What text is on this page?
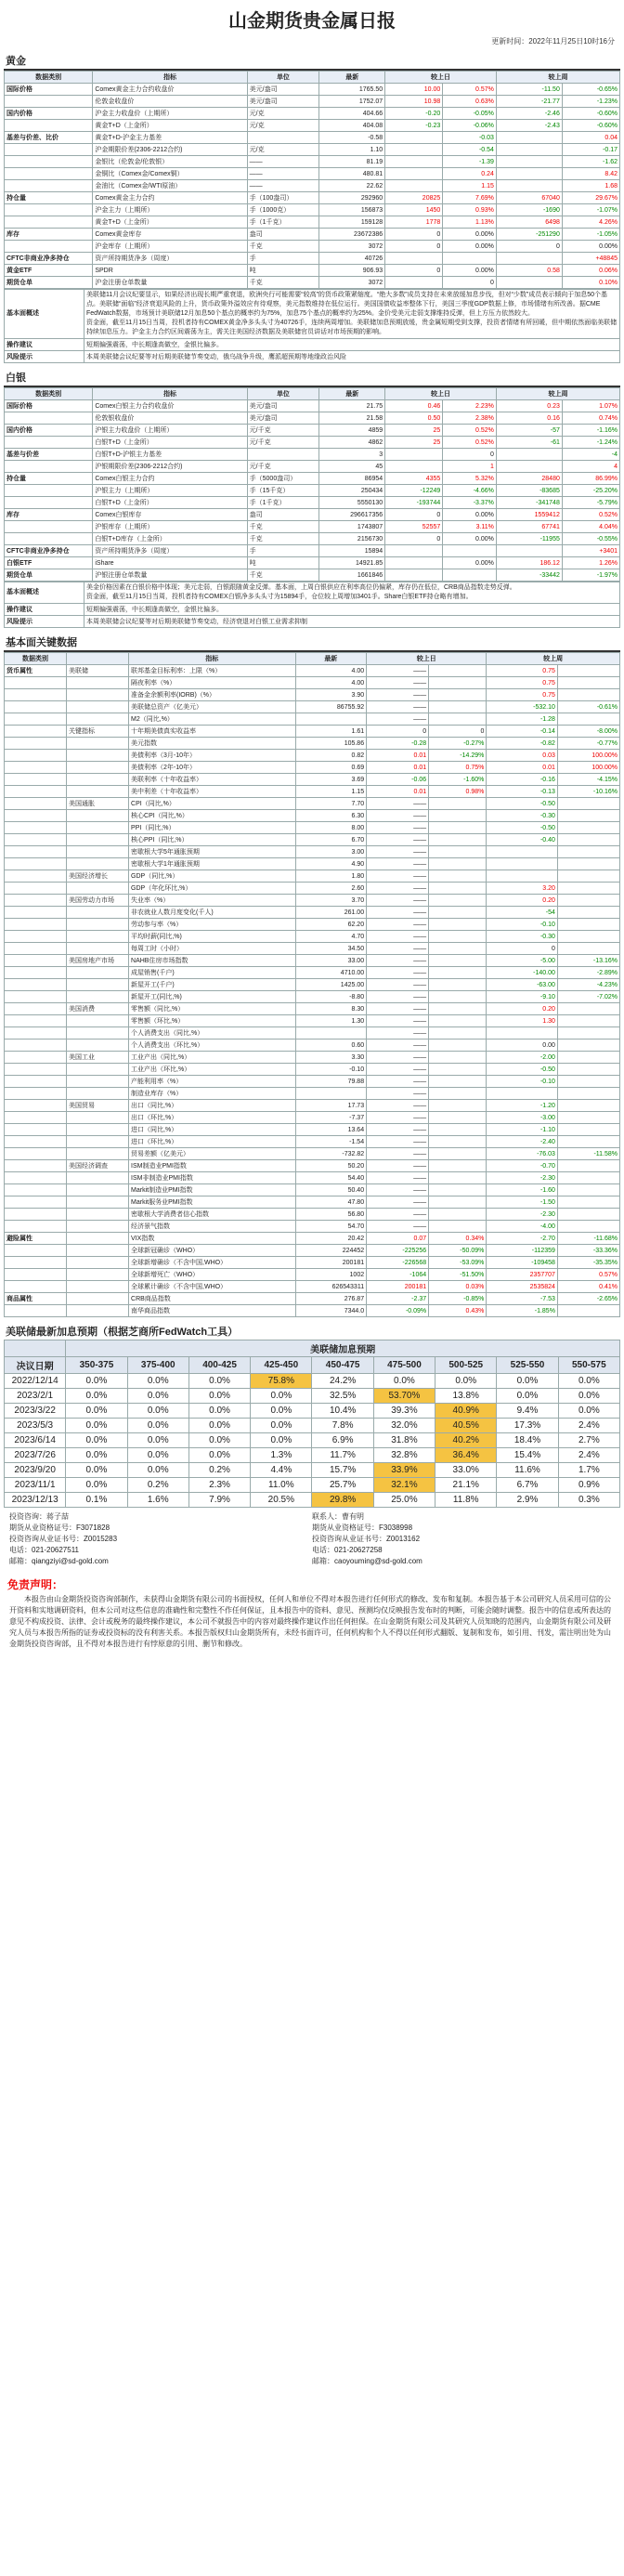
山金期货贵金属日报
更新时间：2022年11月25日10时16分
黄金
数据类别	指标	单位	最新	较上日		较上周	
国际价格	Comex黄金主力合约收盘价	美元/盎司	1765.50	10.00	0.57%	-11.50	-0.65%
	伦敦金收盘价	美元/盎司	1752.07	10.98	0.63%	-21.77	-1.23%
国内价格	沪金主力收盘价（上期所）	元/克	404.66	-0.20	-0.05%	-2.46	-0.60%
	黄金T+D（上金所）	元/克	404.08	-0.23	-0.06%	-2.43	-0.60%
基差与价差、比价	黄金T+D-沪金主力基差		-0.58		-0.03		0.04
	沪金期限价差(2306-2212合约)	元/克	1.10		-0.54		-0.17
	金银比（伦敦金/伦敦银）	——	81.19		-1.39		-1.62
	金铜比（Comex金/Comex铜）	——	480.81		0.24		8.42
	金油比（Comex金/WTI原油）	——	22.62		1.15		1.68
持仓量	Comex黄金主力合约	手（100盎司）	292960	20825	7.69%	67040	29.67%
	沪金主力（上期所）	手（1000克）	156873	1450	0.93%	-1690	-1.07%
	黄金T+D（上金所）	手（1千克）	159128	1778	1.13%	6498	4.26%
库存	Comex黄金库存	盎司	23672386	0	0.00%	-251290	-1.05%
	沪金库存（上期所）	千克	3072	0	0.00%	0	0.00%
CFTC非商业净多持仓	资产所持期货净多（周度）	手	40726				+48845
黄金ETF	SPDR	吨	906.93	0	0.00%	0.58	0.06%
期货仓单	沪金注册仓单数量	千克	3072		0		0.10%
基本面概述	美联储11月会议纪要显示，如果经济出现长期严重衰退，欧洲央行可能需要“较高”的货币政策紧缩度。“绝大多数”成员支持在未来放缓加息步伐，但对“少数”成员表示倾向于加息50个基点。美联储“面临”经济衰退风险的上升，货币政策外溢效应有待观察，美元指数维持在低位运行。美国国债收益率整体下行，美国三季度GDP数据上修，市场情绪有所改善。据CME FedWatch数据，市场预计美联储12月加息50个基点的概率约为75%，加息75个基点的概率约为25%。金价受美元走弱支撑维持反弹，但上方压力依然较大。
资金面，截至11月15日当周，投机者持有COMEX黄金净多头头寸为40726手，连续两周增加。美联储加息预期放缓，贵金属短期受到支撑，投资者情绪有所回暖，但中期依然面临美联储持续加息压力。沪金主力合约区间震荡为主，需关注美国经济数据及美联储官员讲话对市场预期的影响。

操作建议	短期偏强震荡，中长期逢高做空，金银比偏多。
风险提示	本周美联储会议纪要等对后期美联储节奏变动，俄乌战争升级，鹰派超预期等地缘政治风险
白银
数据类别	指标	单位	最新	较上日		较上周	
国际价格	Comex白银主力合约收盘价	美元/盎司	21.75	0.46	2.23%	0.23	1.07%
	伦敦银收盘价	美元/盎司	21.58	0.50	2.38%	0.16	0.74%
国内价格	沪银主力收盘价（上期所）	元/千克	4859	25	0.52%	-57	-1.16%
	白银T+D（上金所）	元/千克	4862	25	0.52%	-61	-1.24%
基差与价差	白银T+D-沪银主力基差		3		0		-4
	沪银期限价差(2306-2212合约)	元/千克	45		1		4
持仓量	Comex白银主力合约	手（5000盎司）	86954	4355	5.32%	28480	86.99%
	沪银主力（上期所）	手（15千克）	250434	-12249	-4.66%	-83685	-25.20%
	白银T+D（上金所）	手（1千克）	5550130	-193744	-3.37%	-341748	-5.79%
库存	Comex白银库存	盎司	296617356	0	0.00%	1559412	0.52%
	沪银库存（上期所）	千克	1743807	52557	3.11%	67741	4.04%
	白银T+D库存（上金所）	千克	2156730	0	0.00%	-11955	-0.55%
CFTC非商业净多持仓	资产所持期货净多（周度）	手	15894				+3401
白银ETF	iShare	吨	14921.85		0.00%	186.12	1.26%
期货仓单	沪银注册仓单数量	千克	1661846			-33442	-1.97%
基本面概述	美金价格因素在白银价格中体现；美元走弱，白银跟随黄金反弹。基本面，上周白银供应在利率高位仍偏紧，库存仍在低位，CRB商品指数走势反弹。
资金面，截至11月15日当周，投机者持有COMEX白银净多头头寸为15894手，仓位较上周增加3401手。Share白银ETF持仓略有增加。

操作建议	短期偏强震荡，中长期逢高做空，金银比偏多。
风险提示	本周美联储会议纪要等对后期美联储节奏变动，经济衰退对白银工业需求抑制
基本面关键数据
数据类别		指标	最新	较上日		较上周	
货币属性	美联储	联邦基金目标利率：上限（%）	4.00	——		0.75	
		隔夜利率（%）	4.00	——		0.75	
		准备金余额利率(IORB)（%）	3.90	——		0.75	
		美联储总资产（亿美元）	86755.92	——		-532.10	-0.61%
		M2（同比,%）		——		-1.28	
	关键指标	十年期美债真实收益率	1.61	0	0	-0.14	-8.00%
		美元指数	105.86	-0.28	-0.27%	-0.82	-0.77%
		美债利率（3月-10年）	0.82	0.01	-14.29%	0.03	100.00%
		美债利率（2年-10年）	0.69	0.01	0.75%	0.01	100.00%
		美联利率（十年收益率）	3.69	-0.06	-1.60%	-0.16	-4.15%
		美中利差（十年收益率）	1.15	0.01	0.98%	-0.13	-10.16%
	美国通胀	CPI（同比,%）	7.70	——		-0.50	
		核心CPI（同比,%）	6.30	——		-0.30	
		PPI（同比,%）	8.00	——		-0.50	
		核心PPI（同比,%）	6.70	——		-0.40	
		密歇根大学5年通胀预期	3.00	——			
		密歇根大学1年通胀预期	4.90	——			
	美国经济增长	GDP（同比,%）	1.80	——			
		GDP（年化环比,%）	2.60	——		3.20	
	美国劳动力市场	失业率（%）	3.70	——		0.20	
		非农就业人数月度变化(千人)	261.00	——		-54	
		劳动参与率（%）	62.20	——		-0.10	
		平均时薪(同比,%)	4.70	——		-0.30	
		每周工时（小时）	34.50	——		0	
	美国房地产市场	NAHB住房市场指数	33.00	——		-5.00	-13.16%
		成屋销售(千户)	4710.00	——		-140.00	-2.89%
		新屋开工(千户)	1425.00	——		-63.00	-4.23%
		新屋开工(同比,%)	-8.80	——		-9.10	-7.02%
	美国消费	零售额（同比,%）	8.30	——		0.20	
		零售额（环比,%）	1.30	——		1.30	
		个人消费支出（同比,%）		——			
		个人消费支出（环比,%）	0.60	——		0.00	
	美国工业	工业产出（同比,%）	3.30	——		-2.00	
		工业产出（环比,%）	-0.10	——		-0.50	
		产能利用率（%）	79.88	——		-0.10	
		制造业库存（%）		——			
	美国贸易	出口（同比,%）	17.73	——		-1.20	
		出口（环比,%）	-7.37	——		-3.00	
		进口（同比,%）	13.64	——		-1.10	
		进口（环比,%）	-1.54	——		-2.40	
		贸易差额（亿美元）	-732.82	——		-76.03	-11.58%
	美国经济调查	ISM制造业PMI指数	50.20	——		-0.70	
		ISM非制造业PMI指数	54.40	——		-2.30	
		Markit制造业PMI指数	50.40	——		-1.60	
		Markit服务业PMI指数	47.80	——		-1.50	
		密歇根大学消费者信心指数	56.80	——		-2.30	
		经济景气指数	54.70	——		-4.00	
避险属性		VIX指数	20.42	0.07	0.34%	-2.70	-11.68%
		全球新冠确诊（WHO）	224452	-225256	-50.09%	-112359	-33.36%
		全球新增确诊（不含中国,WHO）	200181	-226568	-53.09%	-109458	-35.35%
		全球新增死亡（WHO）	1002	-1064	-51.50%	2357707	0.57%
		全球累计确诊（不含中国,WHO）	626543311	200181	0.03%	2535824	0.41%
商品属性		CRB商品指数	276.87	-2.37	-0.85%	-7.53	-2.65%
		南华商品指数	7344.0	-0.09%	0.43%	-1.85%	
美联储最新加息预期（根据芝商所FedWatch工具）
	美联储加息预期								
决议日期	350-375	375-400	400-425	425-450	450-475	475-500	500-525	525-550	550-575
2022/12/14	0.0%	0.0%	0.0%	75.8%	24.2%	0.0%	0.0%	0.0%	0.0%
2023/2/1	0.0%	0.0%	0.0%	0.0%	32.5%	53.70%	13.8%	0.0%	0.0%
2023/3/22	0.0%	0.0%	0.0%	0.0%	10.4%	39.3%	40.9%	9.4%	0.0%
2023/5/3	0.0%	0.0%	0.0%	0.0%	7.8%	32.0%	40.5%	17.3%	2.4%
2023/6/14	0.0%	0.0%	0.0%	0.0%	6.9%	31.8%	40.2%	18.4%	2.7%
2023/7/26	0.0%	0.0%	0.0%	1.3%	11.7%	32.8%	36.4%	15.4%	2.4%
2023/9/20	0.0%	0.0%	0.2%	4.4%	15.7%	33.9%	33.0%	11.6%	1.7%
2023/11/1	0.0%	0.2%	2.3%	11.0%	25.7%	32.1%	21.1%	6.7%	0.9%
2023/12/13	0.1%	1.6%	7.9%	20.5%	29.8%	25.0%	11.8%	2.9%	0.3%
投资咨询：蒋子喆
期货从业资格证号：F3071828
投资咨询从业证书号：Z0015283
电话：021-20627511
邮箱：qiangziyi@sd-gold.com
联系人：曹有明
期货从业资格证号：F3038998
投资咨询从业证书号：Z0013162
电话：021-20627258
邮箱：caoyouming@sd-gold.com
免责声明：
本报告由山金期货投资咨询部制作，未获得山金期货有限公司的书面授权，任何人和单位不得对本报告进行任何形式的修改、发布和复制。本报告基于本公司研究人员采用可信的公开资料和实地调研资料，但本公司对这些信息的准确性和完整性不作任何保证，且本报告中的资料、意见、预测均仅反映报告发布时的判断，可能会随时调整。报告中的信息或所表达的意见不构成投资、法律、会计或税务的最终操作建议，本公司不就报告中的内容对最终操作建议作出任何担保。在山金期货有限公司及其研究人员知晓的范围内，山金期货有限公司及研究人员与本报告所指的证券或投资标的没有利害关系。本报告版权归山金期货所有，未经书面许可，任何机构和个人不得以任何形式翻版、复制和发布，如引用、刊发，需注明出处为山金期货投资咨询部，且不得对本报告进行有悖原意的引用、删节和修改。
